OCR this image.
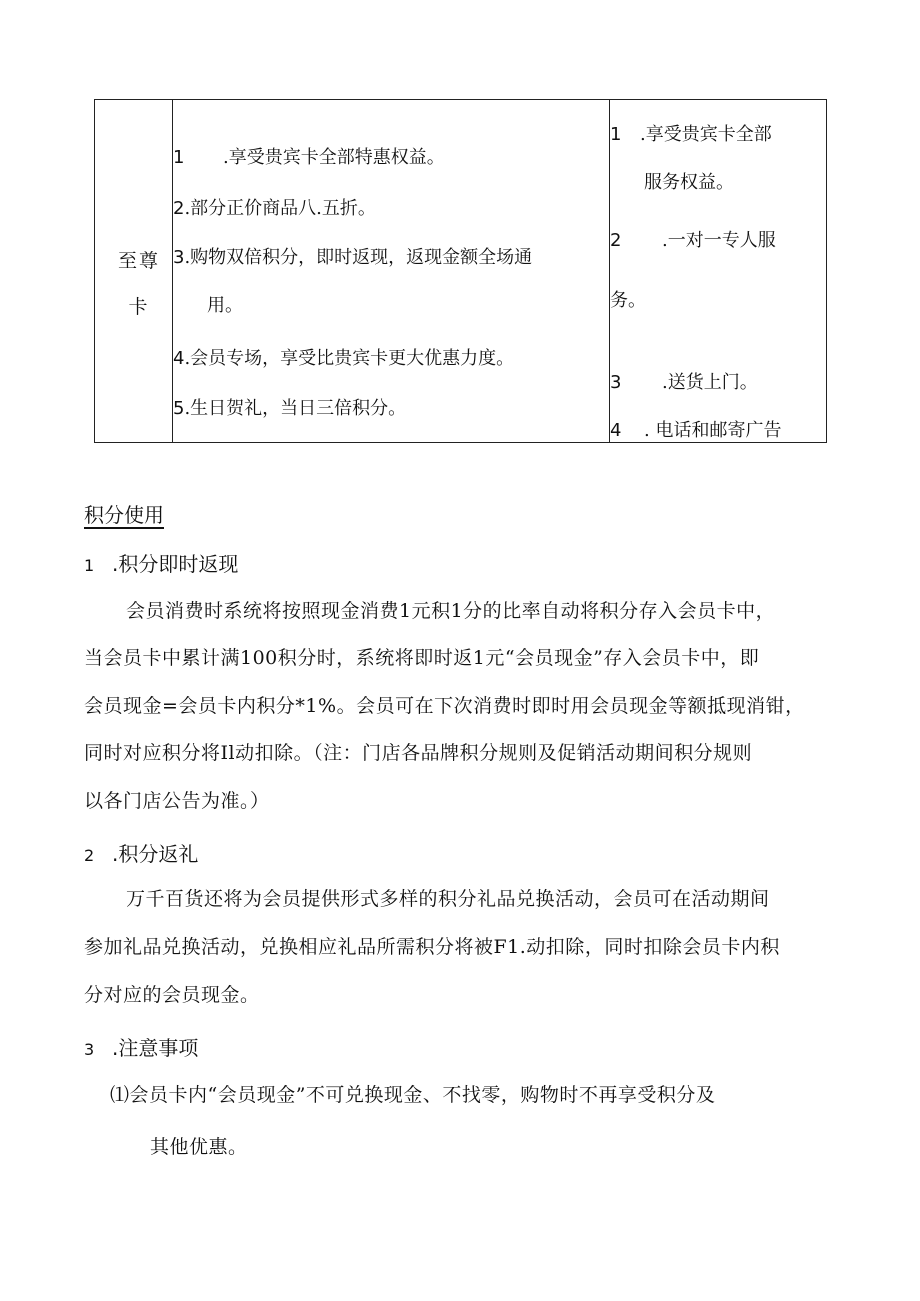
至尊
卡
1 .享受贵宾卡全部特惠权益。
2.部分正价商品八.五折。
3.购物双倍积分，即时返现，返现金额全场通
用。
4.会员专场，享受比贵宾卡更大优惠力度。
5.生日贺礼，当日三倍积分。
1 .享受贵宾卡全部
服务权益。
2 .一对一专人服
务。
3 .送货上门。
4 . 电话和邮寄广告
积分使用
1 .积分即时返现
会员消费时系统将按照现金消费1元积1分的比率自动将积分存入会员卡中，
当会员卡中累计满100积分时，系统将即时返1元“会员现金”存入会员卡中，即
会员现金=会员卡内积分*1%。会员可在下次消费时即时用会员现金等额抵现消钳，
同时对应积分将Il动扣除。（注：门店各品牌积分规则及促销活动期间积分规则
以各门店公告为准。）
2 .积分返礼
万千百货还将为会员提供形式多样的积分礼品兑换活动，会员可在活动期间
参加礼品兑换活动，兑换相应礼品所需积分将被F1.动扣除，同时扣除会员卡内积
分对应的会员现金。
3 .注意事项
⑴会员卡内“会员现金”不可兑换现金、不找零，购物时不再享受积分及
其他优惠。
